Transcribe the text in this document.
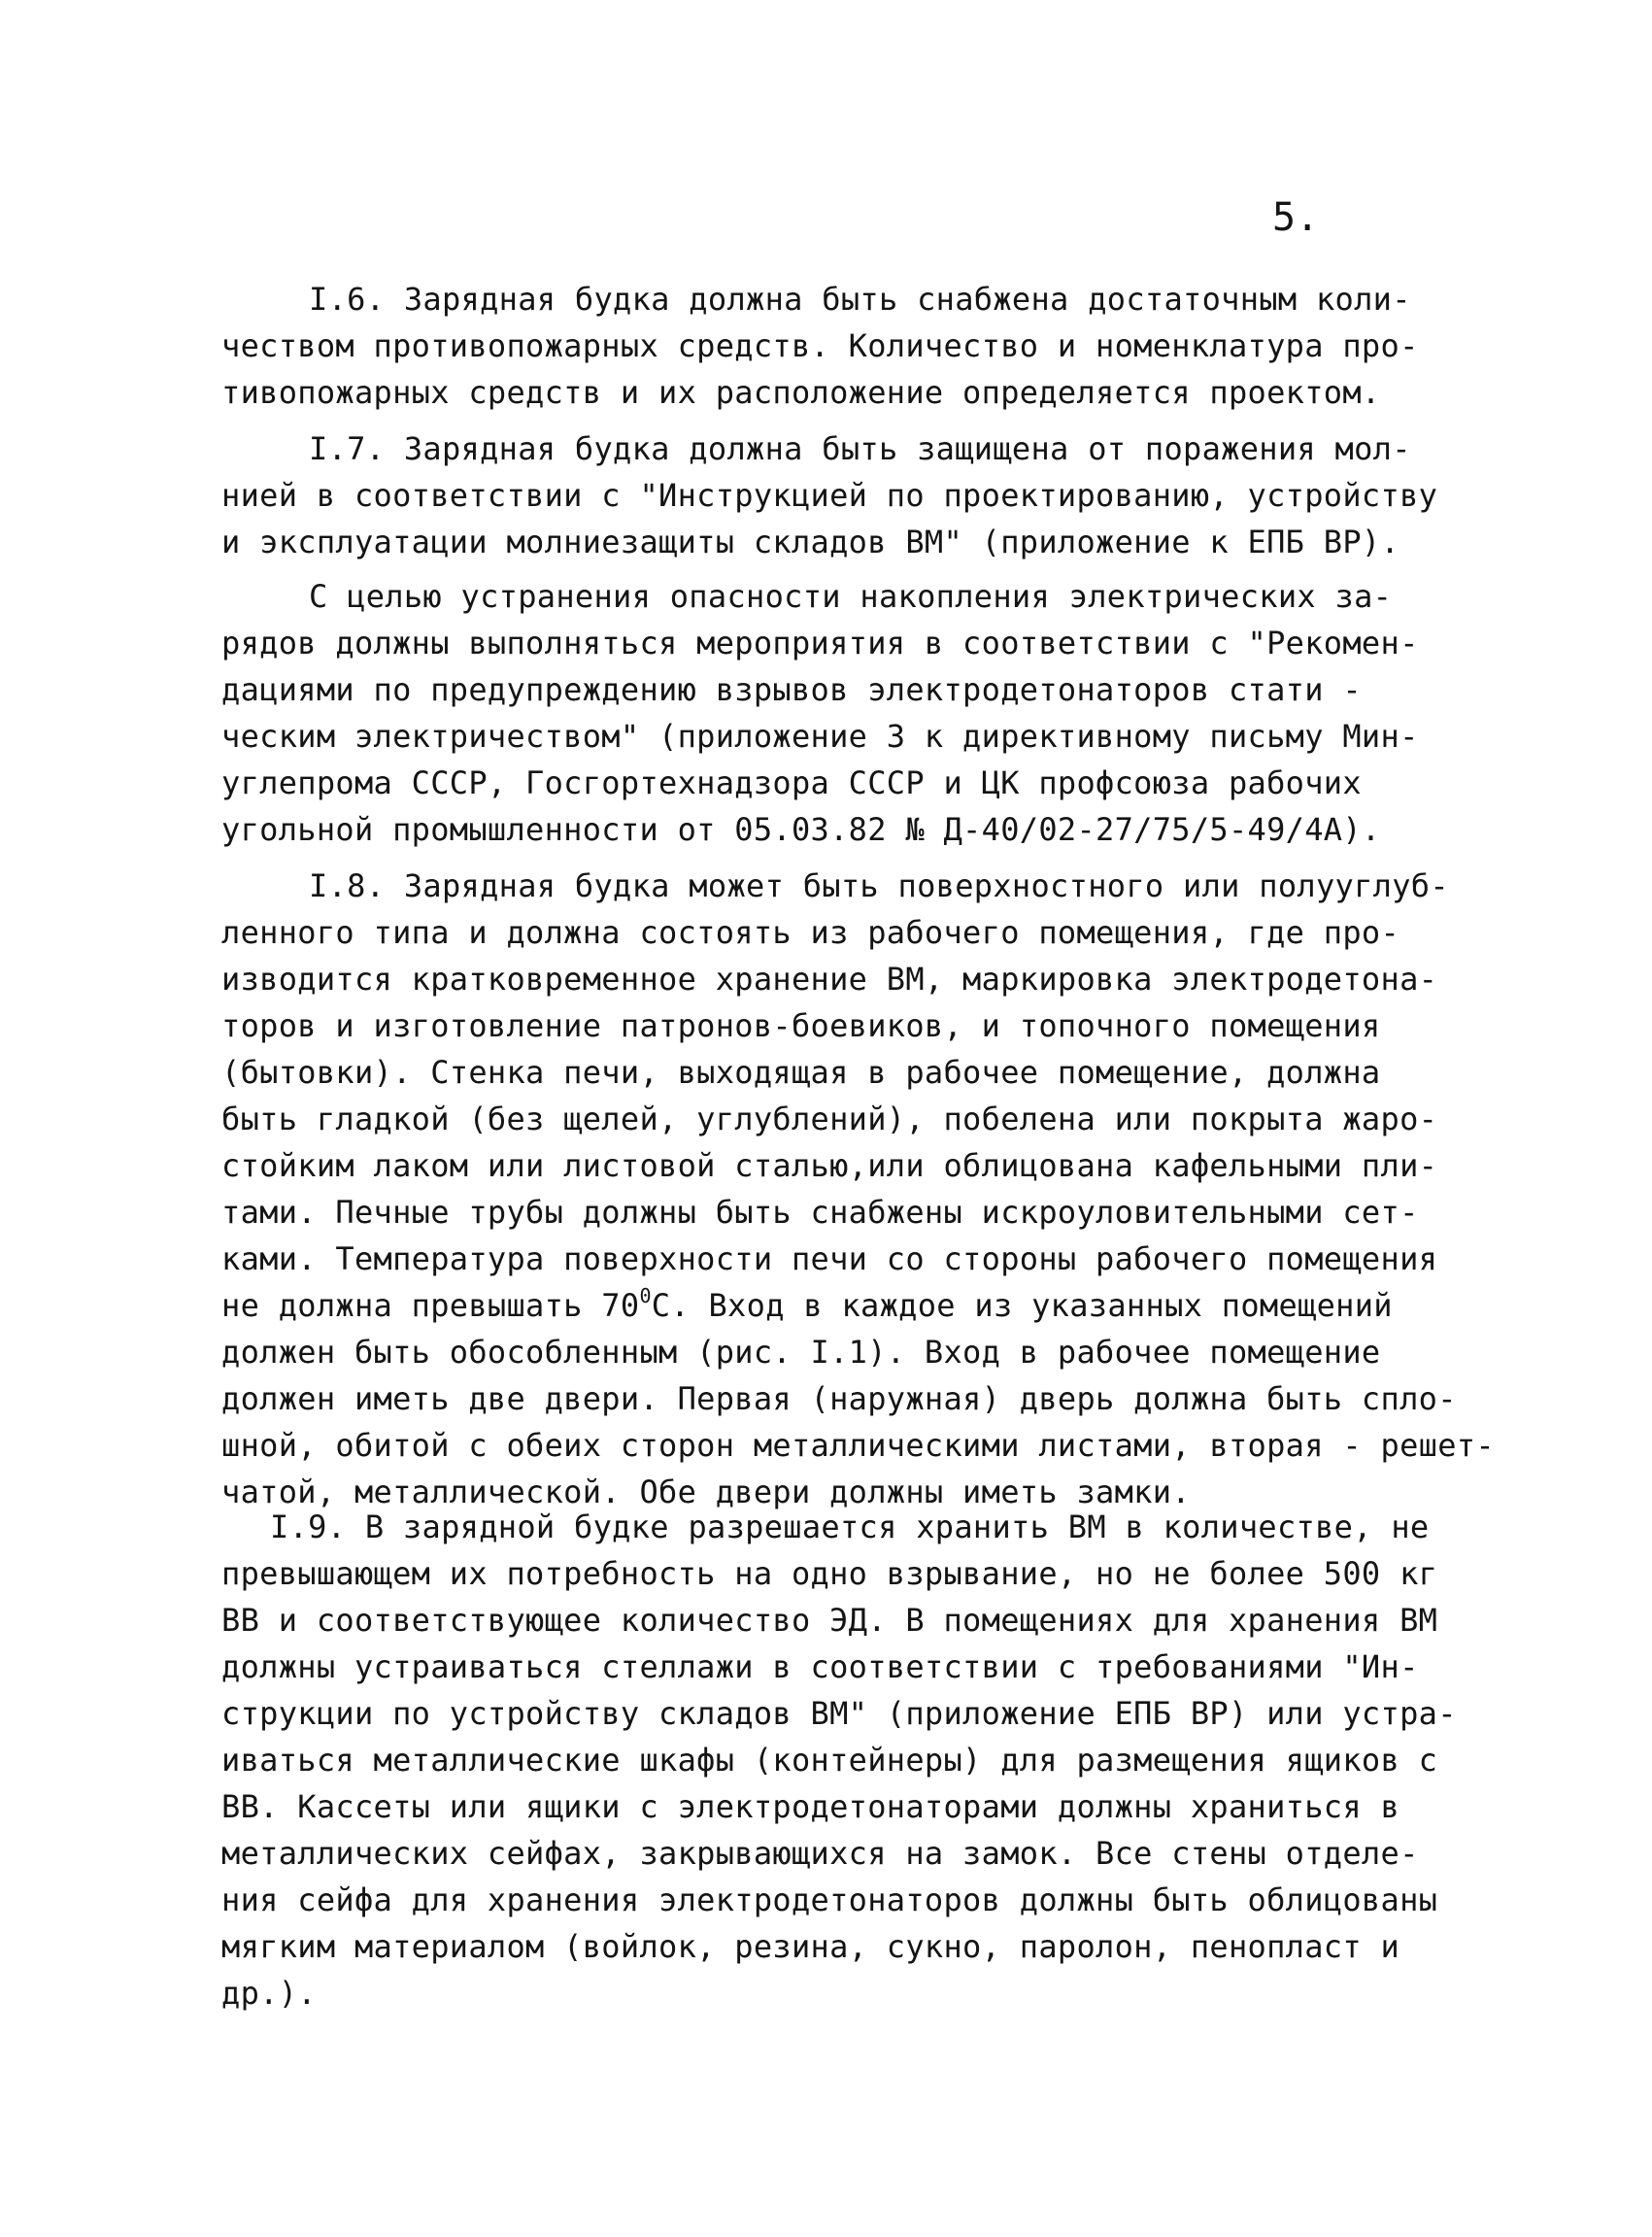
5.
I.6. Зарядная будка должна быть снабжена достаточным коли-
чеством противопожарных средств. Количество и номенклатура про-
тивопожарных средств и их расположение определяется проектом.
I.7. Зарядная будка должна быть защищена от поражения мол-
нией в соответствии с "Инструкцией по проектированию, устройству
и эксплуатации молниезащиты складов ВМ" (приложение к ЕПБ ВР).
С целью устранения опасности накопления электрических за-
рядов должны выполняться мероприятия в соответствии с "Рекомен-
дациями по предупреждению взрывов электродетонаторов стати -
ческим электричеством" (приложение 3 к директивному письму Мин-
углепрома СССР, Госгортехнадзора СССР и ЦК профсоюза рабочих
угольной промышленности от 05.03.82 № Д-40/02-27/75/5-49/4А).
I.8. Зарядная будка может быть поверхностного или полууглуб-
ленного типа и должна состоять из рабочего помещения, где про-
изводится кратковременное хранение ВМ, маркировка электродетона-
торов и изготовление патронов-боевиков, и топочного помещения
(бытовки). Стенка печи, выходящая в рабочее помещение, должна
быть гладкой (без щелей, углублений), побелена или покрыта жаро-
стойким лаком или листовой сталью,или облицована кафельными пли-
тами. Печные трубы должны быть снабжены искроуловительными сет-
ками. Температура поверхности печи со стороны рабочего помещения
не должна превышать $70^0С$. Вход в каждое из указанных помещений
должен быть обособленным (рис. I.1). Вход в рабочее помещение
должен иметь две двери. Первая (наружная) дверь должна быть спло-
шной, обитой с обеих сторон металлическими листами, вторая - решет-
чатой, металлической. Обе двери должны иметь замки.
I.9. В зарядной будке разрешается хранить ВМ в количестве, не
превышающем их потребность на одно взрывание, но не более 500 кг
ВВ и соответствующее количество ЭД. В помещениях для хранения ВМ
должны устраиваться стеллажи в соответствии с требованиями "Ин-
струкции по устройству складов ВМ" (приложение ЕПБ ВР) или устра-
иваться металлические шкафы (контейнеры) для размещения ящиков с
ВВ. Кассеты или ящики с электродетонаторами должны храниться в
металлических сейфах, закрывающихся на замок. Все стены отделе-
ния сейфа для хранения электродетонаторов должны быть облицованы
мягким материалом (войлок, резина, сукно, паролон, пенопласт и
др.).
